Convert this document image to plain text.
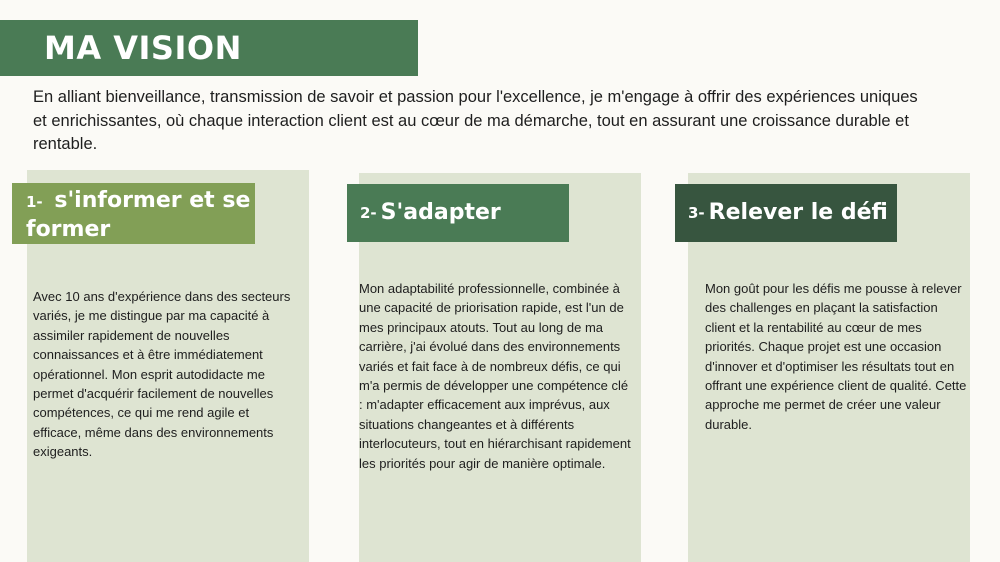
MA VISION

En alliant bienveillance, transmission de savoir et passion pour l'excellence, je m'engage à offrir des expériences uniques et enrichissantes, où chaque interaction client est au cœur de ma démarche, tout en assurant une croissance durable et rentable.

1- s'informer et se former
2- S'adapter	3- Relever le défi

Avec 10 ans d'expérience dans des secteurs variés, je me distingue par ma capacité à assimiler rapidement de nouvelles connaissances et à être immédiatement opérationnel. Mon esprit autodidacte me permet d'acquérir facilement de nouvelles compétences, ce qui me rend agile et efficace, même dans des environnements exigeants.

Mon adaptabilité professionnelle, combinée à une capacité de priorisation rapide, est l'un de mes principaux atouts. Tout au long de ma carrière, j'ai évolué dans des environnements variés et fait face à de nombreux défis, ce qui m'a permis de développer une compétence clé : m'adapter efficacement aux imprévus, aux situations changeantes et à différents interlocuteurs, tout en hiérarchisant rapidement les priorités pour agir de manière optimale.

Mon goût pour les défis me pousse à relever des challenges en plaçant la satisfaction client et la rentabilité au cœur de mes priorités. Chaque projet est une occasion d'innover et d'optimiser les résultats tout en offrant une expérience client de qualité. Cette approche me permet de créer une valeur durable.
